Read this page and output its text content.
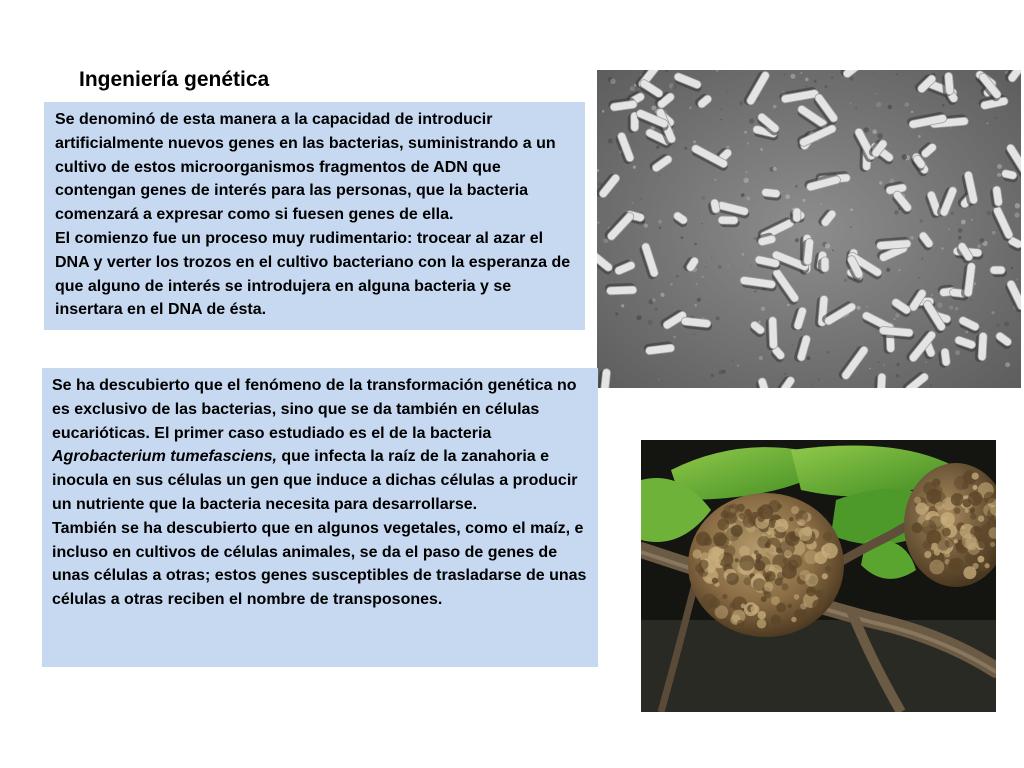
Ingeniería genética

Se denominó de esta manera a la capacidad de introducir artificialmente nuevos genes en las bacterias, suministrando a un cultivo de estos microorganismos fragmentos de ADN que contengan genes de interés para las personas, que la bacteria comenzará a expresar como si fuesen genes de ella.

El comienzo fue un proceso muy rudimentario: trocear al azar el DNA y verter los trozos en el cultivo bacteriano con la esperanza de que alguno de interés se introdujera en alguna bacteria y se insertara en el DNA de ésta.

Se ha descubierto que el fenómeno de la transformación genética no es exclusivo de las bacterias, sino que se da también en células eucarióticas. El primer caso estudiado es el de la bacteria Agrobacterium tumefasciens, que infecta la raíz de la zanahoria e inocula en sus células un gen que induce a dichas células a producir un nutriente que la bacteria necesita para desarrollarse.

También se ha descubierto que en algunos vegetales, como el maíz, e incluso en cultivos de células animales, se da el paso de genes de unas células a otras; estos genes susceptibles de trasladarse de unas células a otras reciben el nombre de transposones.
